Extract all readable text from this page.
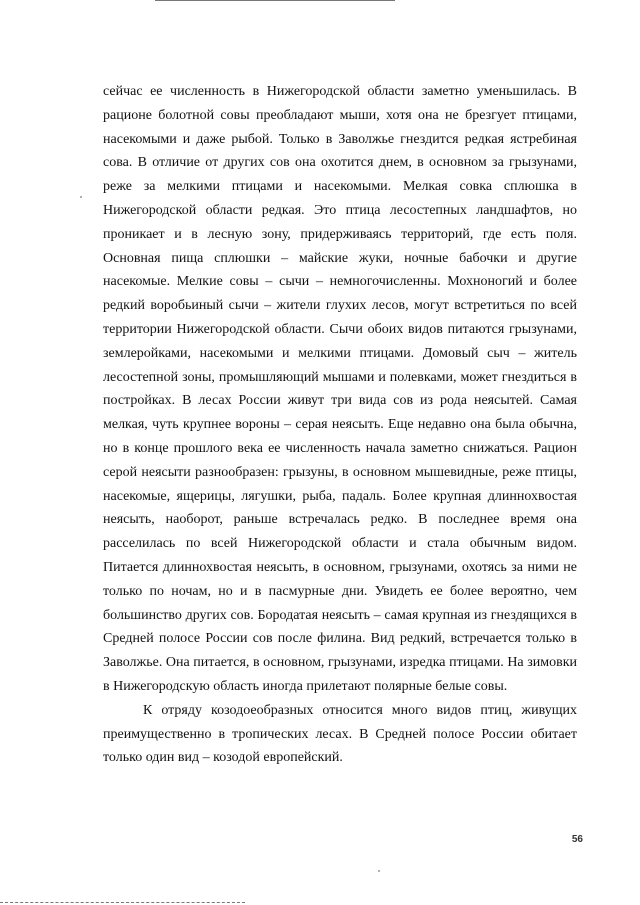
сейчас ее численность в Нижегородской области заметно уменьшилась. В рационе болотной совы преобладают мыши, хотя она не брезгует птицами, насекомыми и даже рыбой. Только в Заволжье гнездится редкая ястребиная сова. В отличие от других сов она охотится днем, в основном за грызунами, реже за мелкими птицами и насекомыми. Мелкая совка сплюшка в Нижегородской области редкая. Это птица лесостепных ландшафтов, но проникает и в лесную зону, придерживаясь территорий, где есть поля. Основная пища сплюшки – майские жуки, ночные бабочки и другие насекомые. Мелкие совы – сычи – немногочисленны. Мохноногий и более редкий воробьиный сычи – жители глухих лесов, могут встретиться по всей территории Нижегородской области. Сычи обоих видов питаются грызунами, землеройками, насекомыми и мелкими птицами. Домовый сыч – житель лесостепной зоны, промышляющий мышами и полевками, может гнездиться в постройках. В лесах России живут три вида сов из рода неясытей. Самая мелкая, чуть крупнее вороны – серая неясыть. Еще недавно она была обычна, но в конце прошлого века ее численность начала заметно снижаться. Рацион серой неясыти разнообразен: грызуны, в основном мышевидные, реже птицы, насекомые, ящерицы, лягушки, рыба, падаль. Более крупная длиннохвостая неясыть, наоборот, раньше встречалась редко. В последнее время она расселилась по всей Нижегородской области и стала обычным видом. Питается длиннохвостая неясыть, в основном, грызунами, охотясь за ними не только по ночам, но и в пасмурные дни. Увидеть ее более вероятно, чем большинство других сов. Бородатая неясыть – самая крупная из гнездящихся в Средней полосе России сов после филина. Вид редкий, встречается только в Заволжье. Она питается, в основном, грызунами, изредка птицами. На зимовки в Нижегородскую область иногда прилетают полярные белые совы.

К отряду козодоеобразных относится много видов птиц, живущих преимущественно в тропических лесах. В Средней полосе России обитает только один вид – козодой европейский.

56
